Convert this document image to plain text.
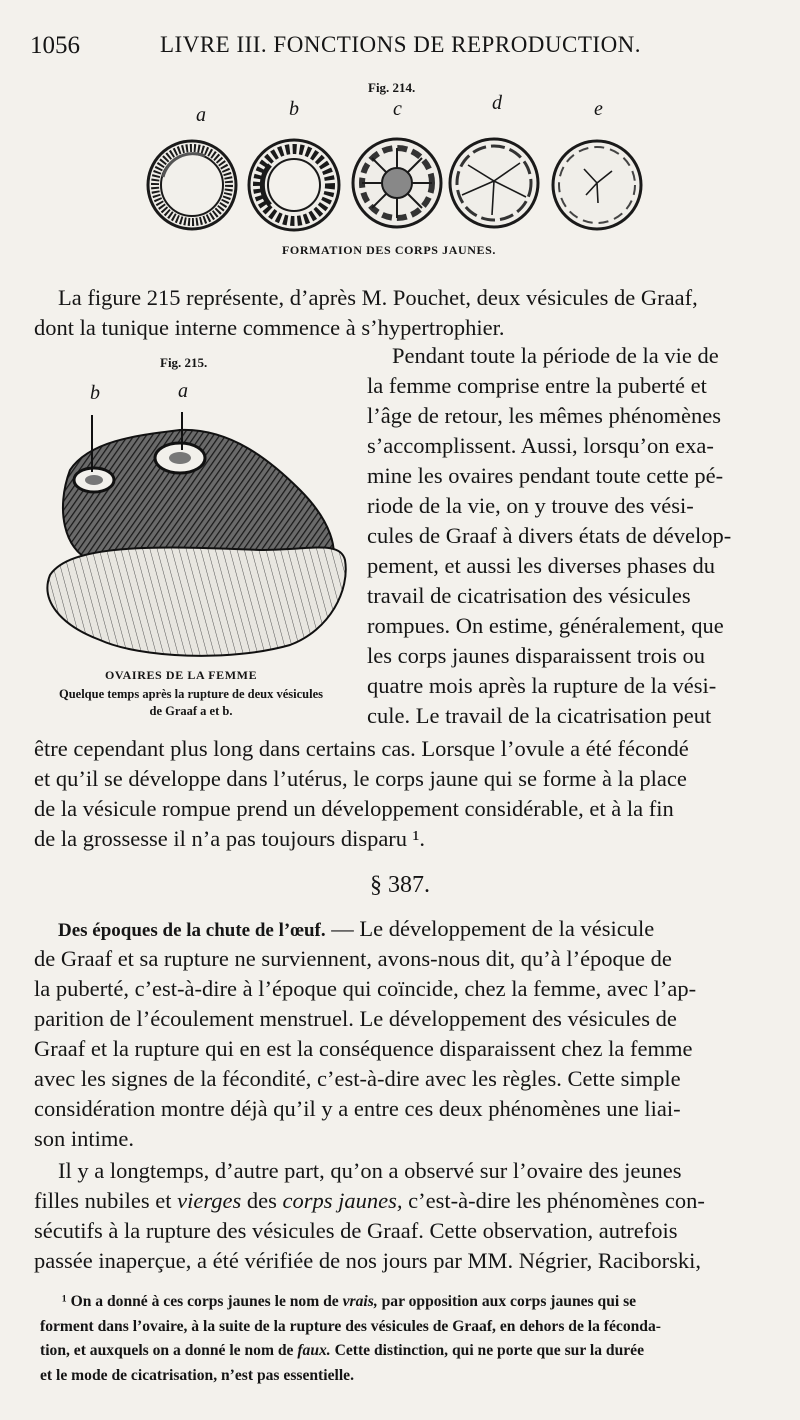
1056	LIVRE III. FONCTIONS DE REPRODUCTION.
Fig. 214.
a	b	c	d	e
FORMATION DES CORPS JAUNES.
La figure 215 représente, d’après M. Pouchet, deux vésicules de Graaf,
dont la tunique interne commence à s’hypertrophier.
Fig. 215.
b	a
OVAIRES DE LA FEMME
Quelque temps après la rupture de deux vésicules
de Graaf a et b.
Pendant toute la période de la vie de
la femme comprise entre la puberté et
l’âge de retour, les mêmes phénomènes
s’accomplissent. Aussi, lorsqu’on exa-
mine les ovaires pendant toute cette pé-
riode de la vie, on y trouve des vési-
cules de Graaf à divers états de dévelop-
pement, et aussi les diverses phases du
travail de cicatrisation des vésicules
rompues. On estime, généralement, que
les corps jaunes disparaissent trois ou
quatre mois après la rupture de la vési-
cule. Le travail de la cicatrisation peut
être cependant plus long dans certains cas. Lorsque l’ovule a été fécondé
et qu’il se développe dans l’utérus, le corps jaune qui se forme à la place
de la vésicule rompue prend un développement considérable, et à la fin
de la grossesse il n’a pas toujours disparu ¹.
§ 387.
Des époques de la chute de l’œuf. — Le développement de la vésicule
de Graaf et sa rupture ne surviennent, avons-nous dit, qu’à l’époque de
la puberté, c’est-à-dire à l’époque qui coïncide, chez la femme, avec l’ap-
parition de l’écoulement menstruel. Le développement des vésicules de
Graaf et la rupture qui en est la conséquence disparaissent chez la femme
avec les signes de la fécondité, c’est-à-dire avec les règles. Cette simple
considération montre déjà qu’il y a entre ces deux phénomènes une liai-
son intime.
Il y a longtemps, d’autre part, qu’on a observé sur l’ovaire des jeunes
filles nubiles et vierges des corps jaunes, c’est-à-dire les phénomènes con-
sécutifs à la rupture des vésicules de Graaf. Cette observation, autrefois
passée inaperçue, a été vérifiée de nos jours par MM. Négrier, Raciborski,
¹ On a donné à ces corps jaunes le nom de vrais, par opposition aux corps jaunes qui se
forment dans l’ovaire, à la suite de la rupture des vésicules de Graaf, en dehors de la féconda-
tion, et auxquels on a donné le nom de faux. Cette distinction, qui ne porte que sur la durée
et le mode de cicatrisation, n’est pas essentielle.
